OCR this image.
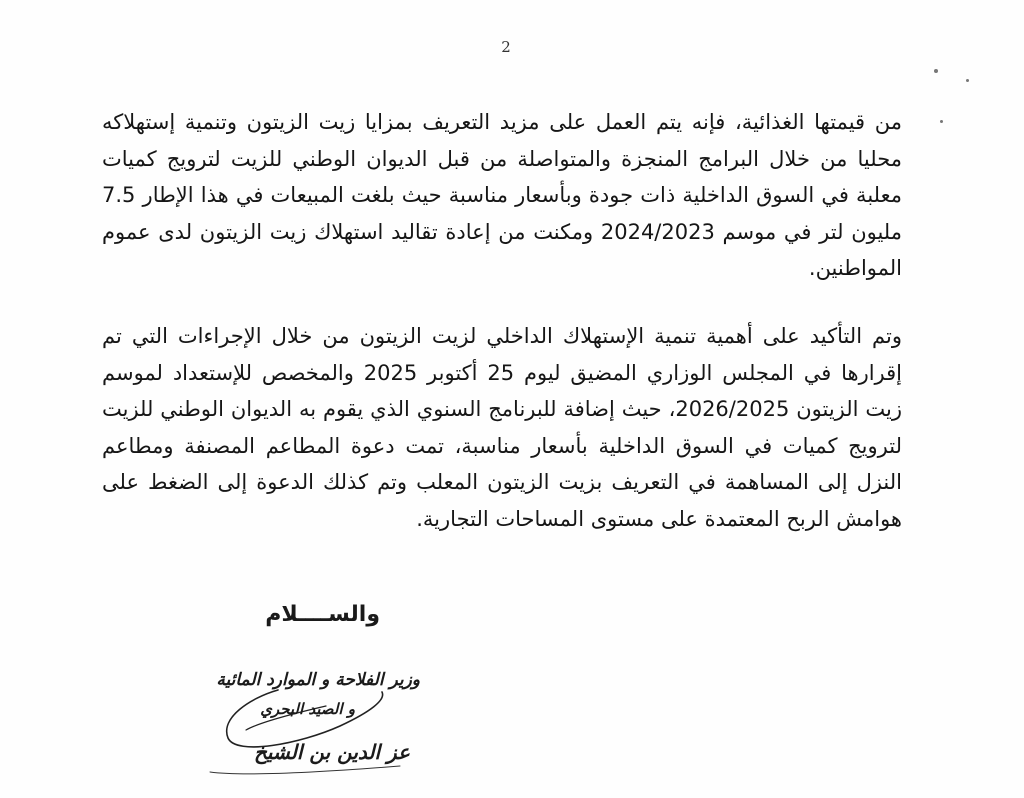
2

من قيمتها الغذائية، فإنه يتم العمل على مزيد التعريف بمزايا زيت الزيتون وتنمية إستهلاكه محليا من خلال البرامج المنجزة والمتواصلة من قبل الديوان الوطني للزيت لترويج كميات معلبة في السوق الداخلية ذات جودة وبأسعار مناسبة حيث بلغت المبيعات في هذا الإطار 7.5 مليون لتر في موسم 2024/2023 ومكنت من إعادة تقاليد استهلاك زيت الزيتون لدى عموم المواطنين.

وتم التأكيد على أهمية تنمية الإستهلاك الداخلي لزيت الزيتون من خلال الإجراءات التي تم إقرارها في المجلس الوزاري المضيق ليوم 25 أكتوبر 2025 والمخصص للإستعداد لموسم زيت الزيتون 2026/2025، حيث إضافة للبرنامج السنوي الذي يقوم به الديوان الوطني للزيت لترويج كميات في السوق الداخلية بأسعار مناسبة، تمت دعوة المطاعم المصنفة ومطاعم النزل إلى المساهمة في التعريف بزيت الزيتون المعلب وتم كذلك الدعوة إلى الضغط على هوامش الربح المعتمدة على مستوى المساحات التجارية.

والســــلام
وزير الفلاحة و الموارد المائية
و الصيد البحري
عز الدين بن الشيخ
